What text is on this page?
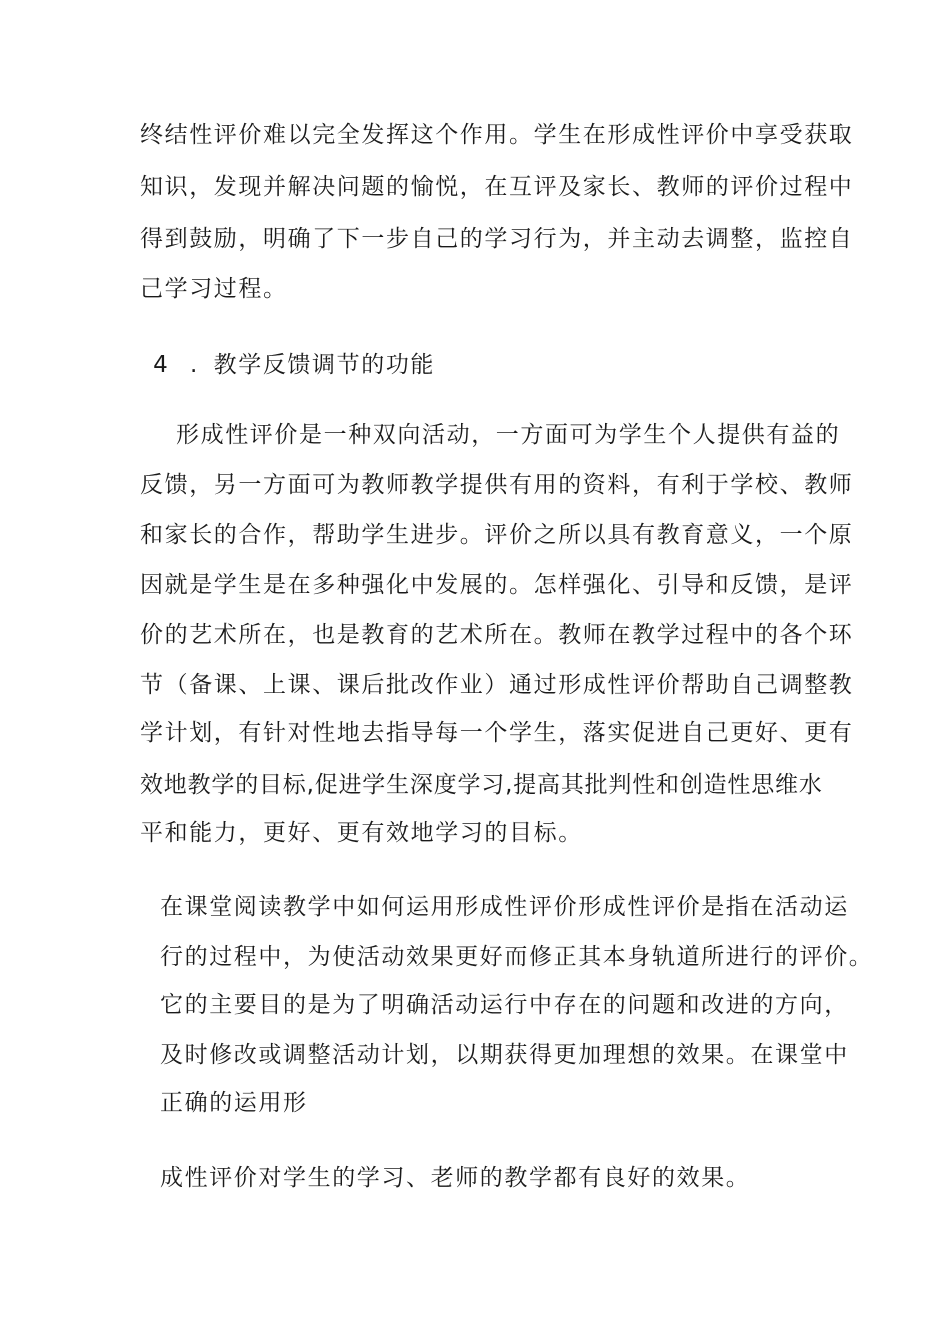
终结性评价难以完全发挥这个作用。学生在形成性评价中享受获取
知识，发现并解决问题的愉悦，在互评及家长、教师的评价过程中
得到鼓励，明确了下一步自己的学习行为，并主动去调整，监控自
己学习过程。
4 . 教学反馈调节的功能
形成性评价是一种双向活动，一方面可为学生个人提供有益的
反馈，另一方面可为教师教学提供有用的资料，有利于学校、教师
和家长的合作，帮助学生进步。评价之所以具有教育意义，一个原
因就是学生是在多种强化中发展的。怎样强化、引导和反馈，是评
价的艺术所在，也是教育的艺术所在。教师在教学过程中的各个环
节（备课、上课、课后批改作业）通过形成性评价帮助自己调整教
学计划，有针对性地去指导每一个学生，落实促进自己更好、更有
效地教学的目标,促进学生深度学习,提高其批判性和创造性思维水
平和能力，更好、更有效地学习的目标。
在课堂阅读教学中如何运用形成性评价形成性评价是指在活动运
行的过程中，为使活动效果更好而修正其本身轨道所进行的评价。
它的主要目的是为了明确活动运行中存在的问题和改进的方向，
及时修改或调整活动计划，以期获得更加理想的效果。在课堂中
正确的运用形
成性评价对学生的学习、老师的教学都有良好的效果。
